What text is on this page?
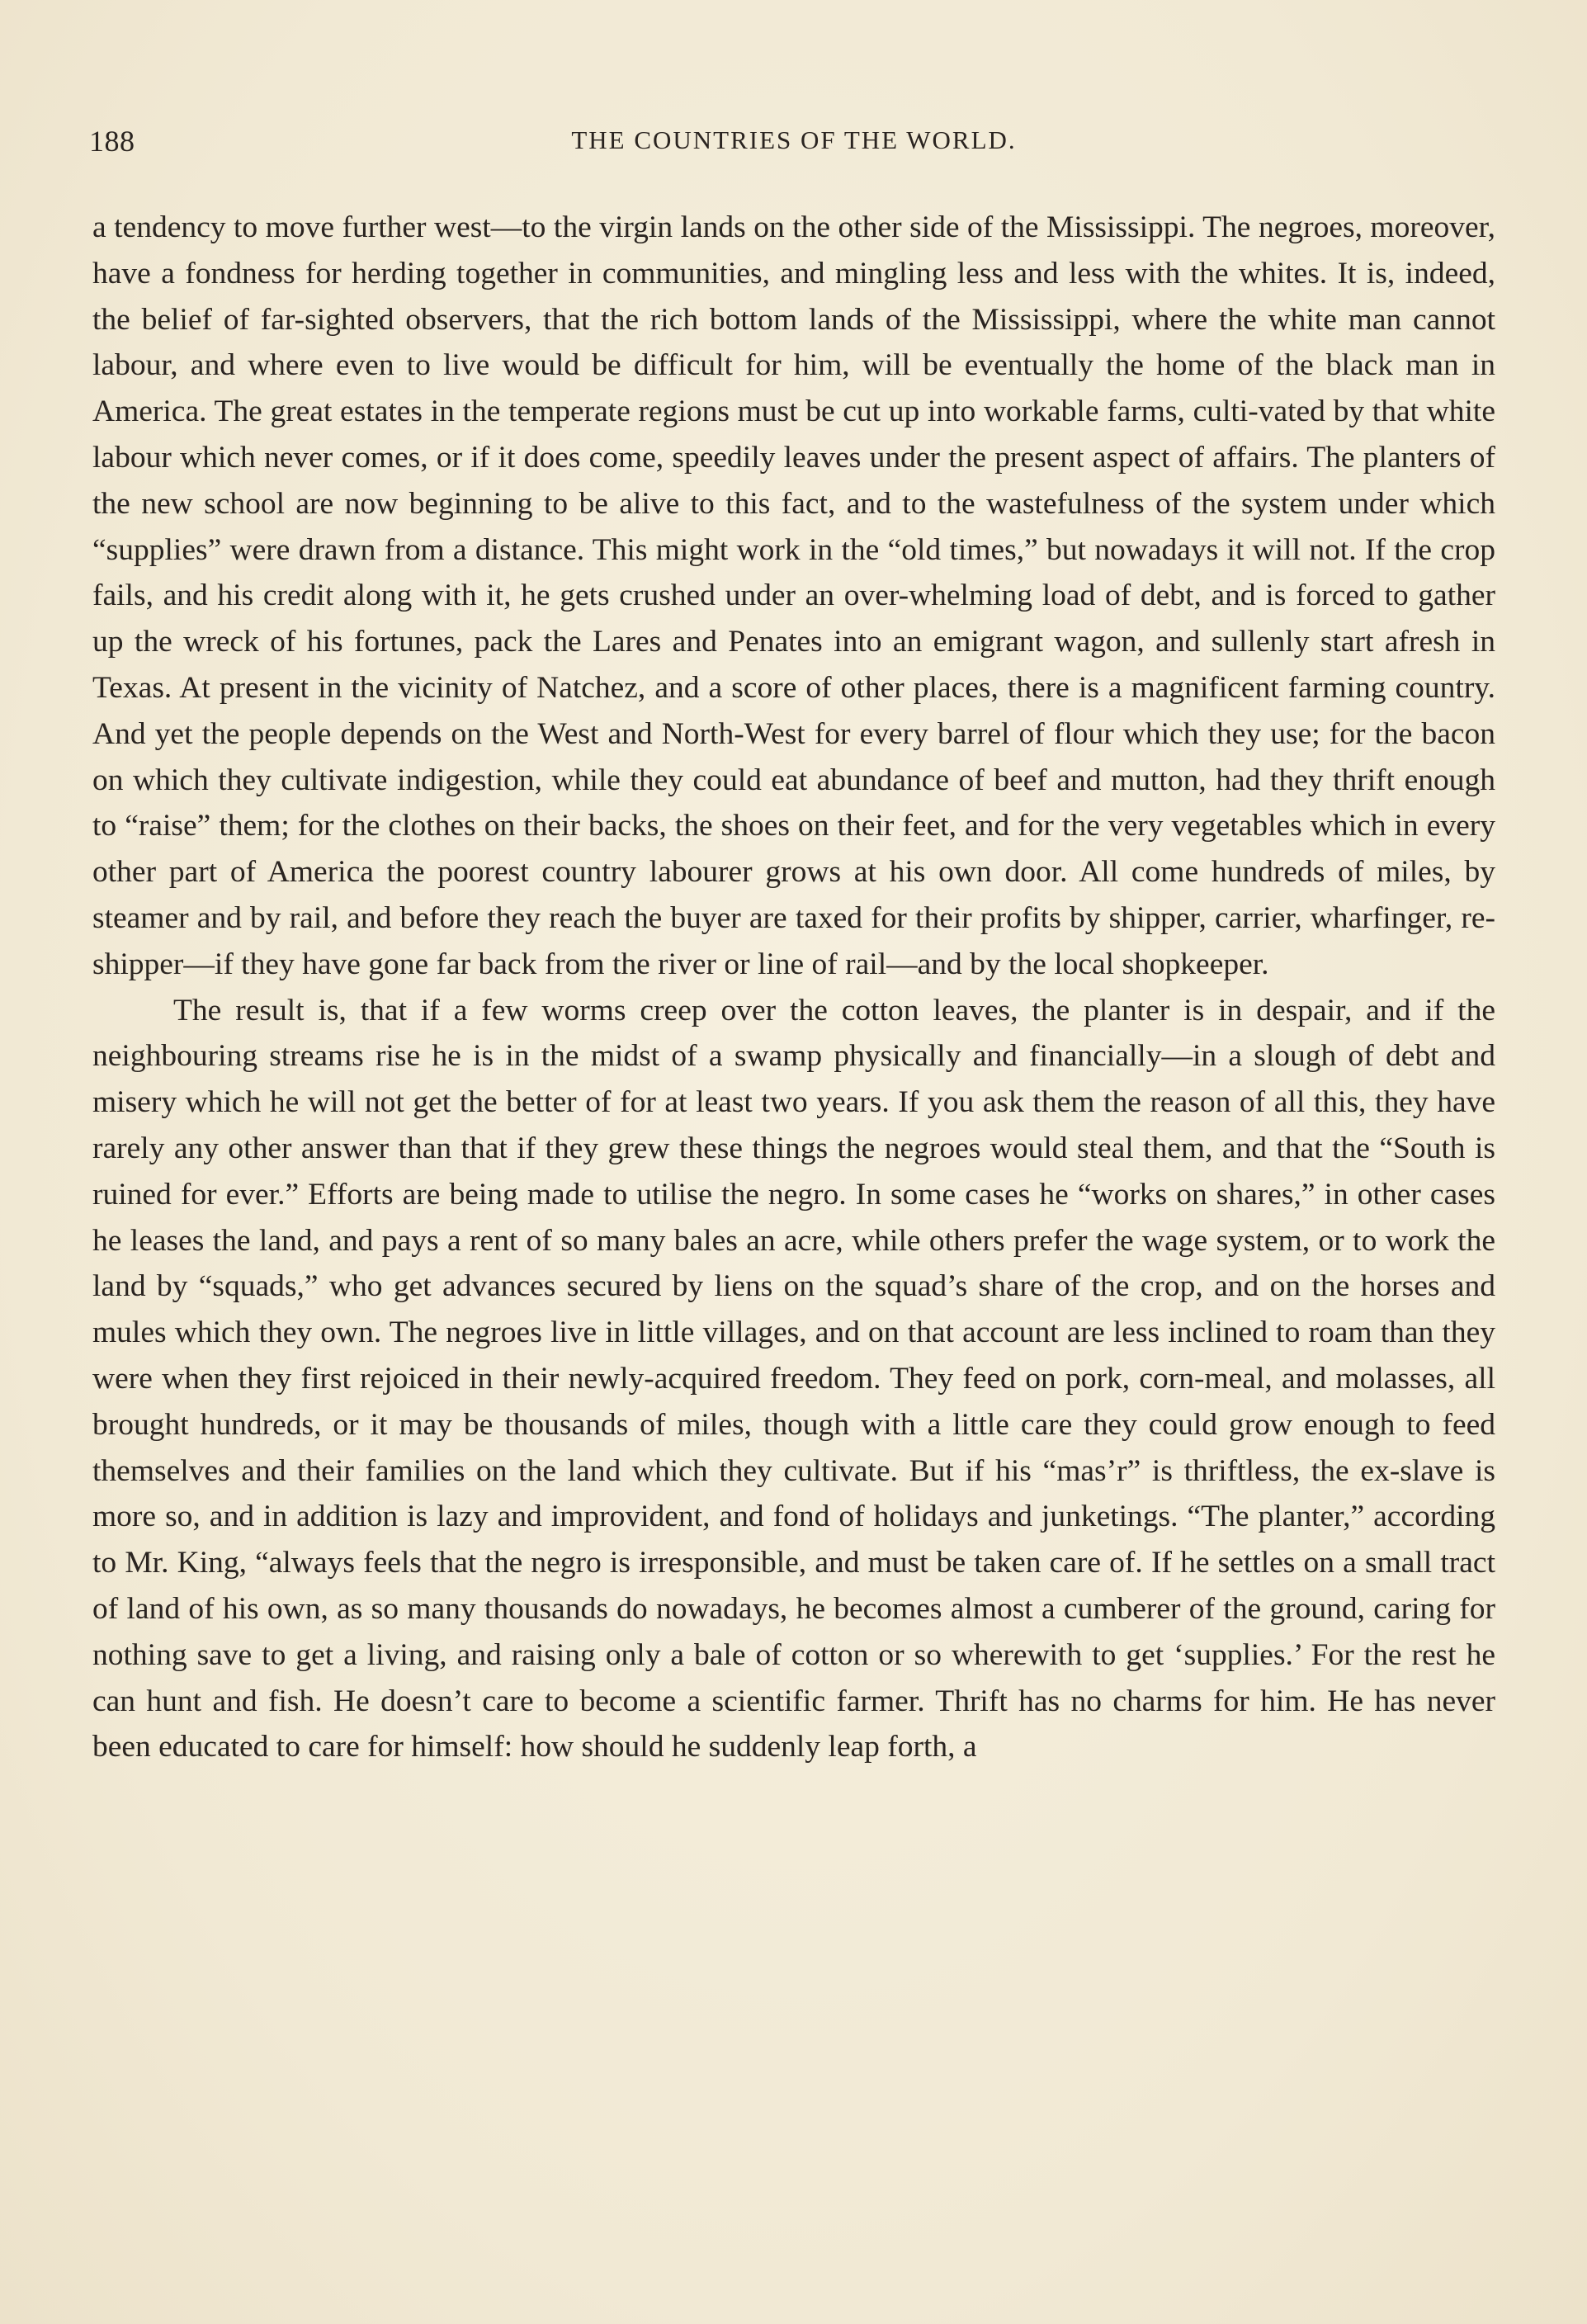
188	THE COUNTRIES OF THE WORLD.

a tendency to move further west—to the virgin lands on the other side of the Mississippi. The negroes, moreover, have a fondness for herding together in communities, and mingling less and less with the whites. It is, indeed, the belief of far-sighted observers, that the rich bottom lands of the Mississippi, where the white man cannot labour, and where even to live would be difficult for him, will be eventually the home of the black man in America. The great estates in the temperate regions must be cut up into workable farms, culti-vated by that white labour which never comes, or if it does come, speedily leaves under the present aspect of affairs. The planters of the new school are now beginning to be alive to this fact, and to the wastefulness of the system under which “supplies” were drawn from a distance. This might work in the “old times,” but nowadays it will not. If the crop fails, and his credit along with it, he gets crushed under an over-whelming load of debt, and is forced to gather up the wreck of his fortunes, pack the Lares and Penates into an emigrant wagon, and sullenly start afresh in Texas. At present in the vicinity of Natchez, and a score of other places, there is a magnificent farming country. And yet the people depends on the West and North-West for every barrel of flour which they use; for the bacon on which they cultivate indigestion, while they could eat abundance of beef and mutton, had they thrift enough to “raise” them; for the clothes on their backs, the shoes on their feet, and for the very vegetables which in every other part of America the poorest country labourer grows at his own door. All come hundreds of miles, by steamer and by rail, and before they reach the buyer are taxed for their profits by shipper, carrier, wharfinger, re-shipper—if they have gone far back from the river or line of rail—and by the local shopkeeper.

The result is, that if a few worms creep over the cotton leaves, the planter is in despair, and if the neighbouring streams rise he is in the midst of a swamp physically and financially—in a slough of debt and misery which he will not get the better of for at least two years. If you ask them the reason of all this, they have rarely any other answer than that if they grew these things the negroes would steal them, and that the “South is ruined for ever.” Efforts are being made to utilise the negro. In some cases he “works on shares,” in other cases he leases the land, and pays a rent of so many bales an acre, while others prefer the wage system, or to work the land by “squads,” who get advances secured by liens on the squad’s share of the crop, and on the horses and mules which they own. The negroes live in little villages, and on that account are less inclined to roam than they were when they first rejoiced in their newly-acquired freedom. They feed on pork, corn-meal, and molasses, all brought hundreds, or it may be thousands of miles, though with a little care they could grow enough to feed themselves and their families on the land which they cultivate. But if his “mas’r” is thriftless, the ex-slave is more so, and in addition is lazy and improvident, and fond of holidays and junketings. “The planter,” according to Mr. King, “always feels that the negro is irresponsible, and must be taken care of. If he settles on a small tract of land of his own, as so many thousands do nowadays, he becomes almost a cumberer of the ground, caring for nothing save to get a living, and raising only a bale of cotton or so wherewith to get ‘supplies.’ For the rest he can hunt and fish. He doesn’t care to become a scientific farmer. Thrift has no charms for him. He has never been educated to care for himself: how should he suddenly leap forth, a
